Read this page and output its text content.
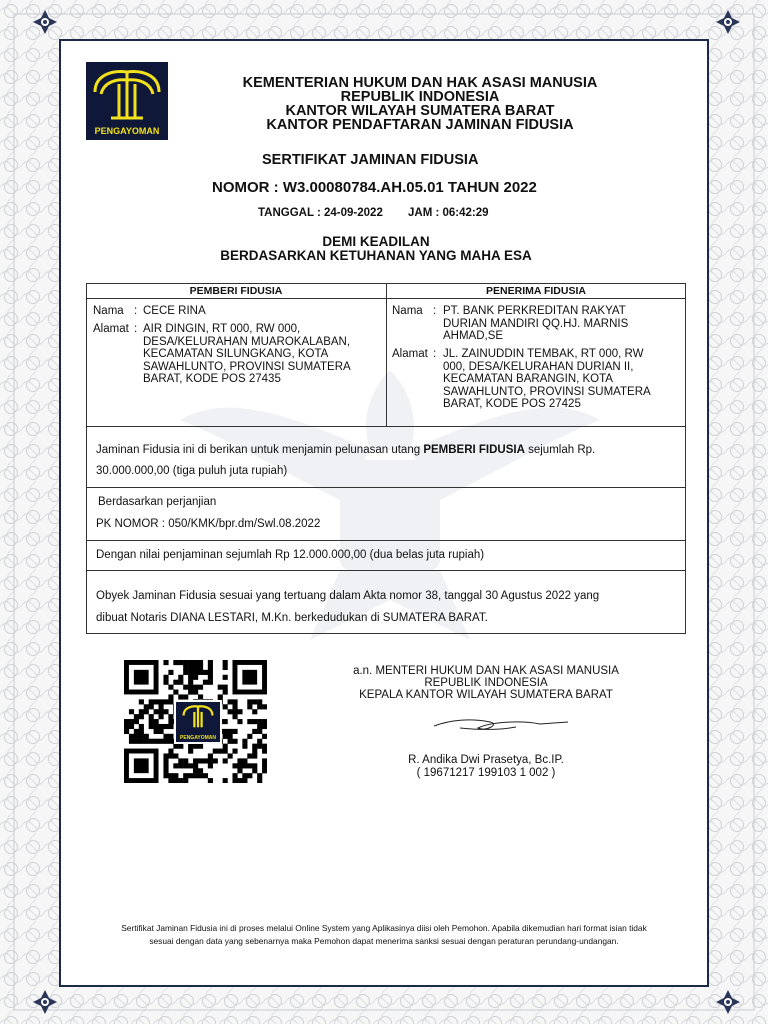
PENGAYOMAN
KEMENTERIAN HUKUM DAN HAK ASASI MANUSIA
REPUBLIK INDONESIA
KANTOR WILAYAH SUMATERA BARAT
KANTOR PENDAFTARAN JAMINAN FIDUSIA
SERTIFIKAT JAMINAN FIDUSIA
NOMOR : W3.00080784.AH.05.01 TAHUN 2022
TANGGAL : 24-09-2022 JAM : 06:42:29
DEMI KEADILAN
BERDASARKAN KETUHANAN YANG MAHA ESA
PEMBERI FIDUSIA	PENERIMA FIDUSIA
Nama : CECE RINA
Alamat : AIR DINGIN, RT 000, RW 000,
DESA/KELURAHAN MUAROKALABAN,
KECAMATAN SILUNGKANG, KOTA
SAWAHLUNTO, PROVINSI SUMATERA
BARAT, KODE POS 27435
Nama : PT. BANK PERKREDITAN RAKYAT
DURIAN MANDIRI QQ.HJ. MARNIS
AHMAD,SE
Alamat : JL. ZAINUDDIN TEMBAK, RT 000, RW
000, DESA/KELURAHAN DURIAN II,
KECAMATAN BARANGIN, KOTA
SAWAHLUNTO, PROVINSI SUMATERA
BARAT, KODE POS 27425
Jaminan Fidusia ini di berikan untuk menjamin pelunasan utang PEMBERI FIDUSIA sejumlah Rp.
30.000.000,00 (tiga puluh juta rupiah)
Berdasarkan perjanjian
PK NOMOR : 050/KMK/bpr.dm/Swl.08.2022
Dengan nilai penjaminan sejumlah Rp 12.000.000,00 (dua belas juta rupiah)
Obyek Jaminan Fidusia sesuai yang tertuang dalam Akta nomor 38, tanggal 30 Agustus 2022 yang
dibuat Notaris DIANA LESTARI, M.Kn. berkedudukan di SUMATERA BARAT.
PENGAYOMAN
a.n. MENTERI HUKUM DAN HAK ASASI MANUSIA
REPUBLIK INDONESIA
KEPALA KANTOR WILAYAH SUMATERA BARAT
R. Andika Dwi Prasetya, Bc.IP.
( 19671217 199103 1 002 )
Sertifikat Jaminan Fidusia ini di proses melalui Online System yang Aplikasinya diisi oleh Pemohon. Apabila dikemudian hari format isian tidak
sesuai dengan data yang sebenarnya maka Pemohon dapat menerima sanksi sesuai dengan peraturan perundang-undangan.
